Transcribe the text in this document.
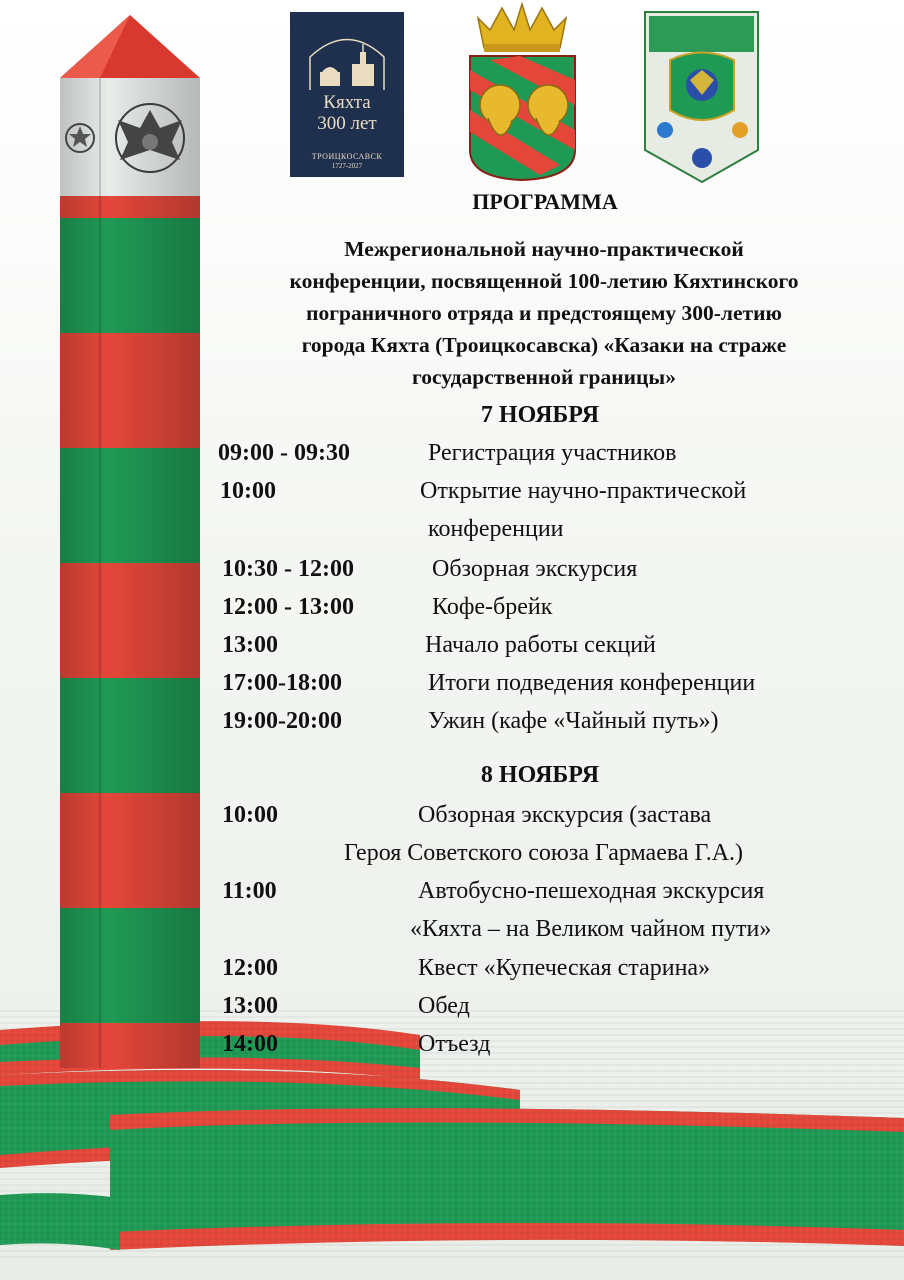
Кяхта
300 лет
ТРОИЦКОСАВСК
1727-2027
ПРОГРАММА
Межрегиональной научно-практической
конференции, посвященной 100-летию Кяхтинского
пограничного отряда и предстоящему 300-летию
города Кяхта (Троицкосавска) «Казаки на страже
государственной границы»
7 НОЯБРЯ
09:00 - 09:30	Регистрация участников
10:00	Открытие научно-практической
конференции
10:30 - 12:00	Обзорная экскурсия
12:00 - 13:00	Кофе-брейк
13:00	Начало работы секций
17:00-18:00	Итоги подведения конференции
19:00-20:00	Ужин (кафе «Чайный путь»)
8 НОЯБРЯ
10:00	Обзорная экскурсия (застава
Героя Советского союза Гармаева Г.А.)
11:00	Автобусно-пешеходная экскурсия
«Кяхта – на Великом чайном пути»
12:00	Квест «Купеческая старина»
13:00	Обед
14:00	Отъезд
